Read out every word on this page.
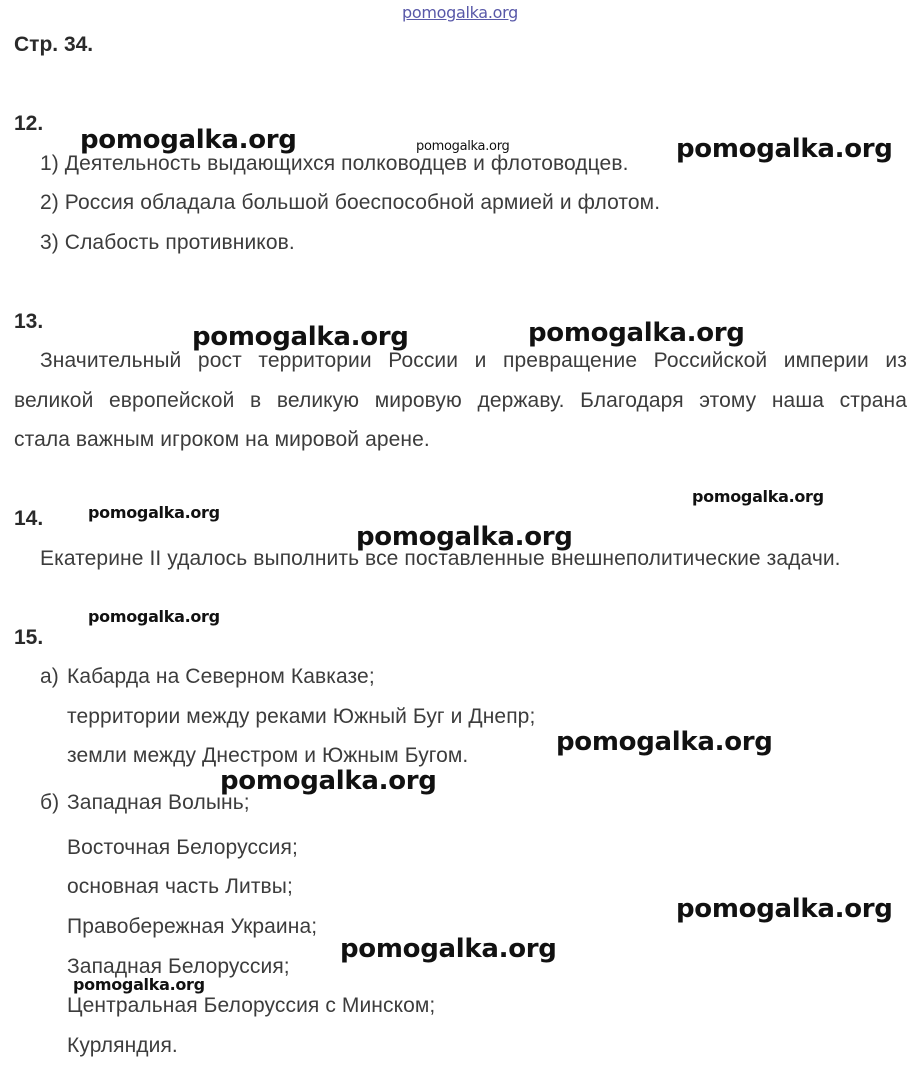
pomogalka.org
Стр. 34.
12.
1) Деятельность выдающихся полководцев и флотоводцев.
2) Россия обладала большой боеспособной армией и флотом.
3) Слабость противников.
13.
Значительный рост территории России и превращение Российской империи из
великой европейской в великую мировую державу. Благодаря этому наша страна
стала важным игроком на мировой арене.
14.
Екатерине II удалось выполнить все поставленные внешнеполитические задачи.
15.
а) Кабарда на Северном Кавказе;
территории между реками Южный Буг и Днепр;
земли между Днестром и Южным Бугом.
б) Западная Волынь;
Восточная Белоруссия;
основная часть Литвы;
Правобережная Украина;
Западная Белоруссия;
Центральная Белоруссия с Минском;
Курляндия.
pomogalka.org	pomogalka.org	pomogalka.org
pomogalka.org	pomogalka.org
pomogalka.org
pomogalka.org
pomogalka.org
pomogalka.org
pomogalka.org
pomogalka.org
pomogalka.org
pomogalka.org
pomogalka.org
